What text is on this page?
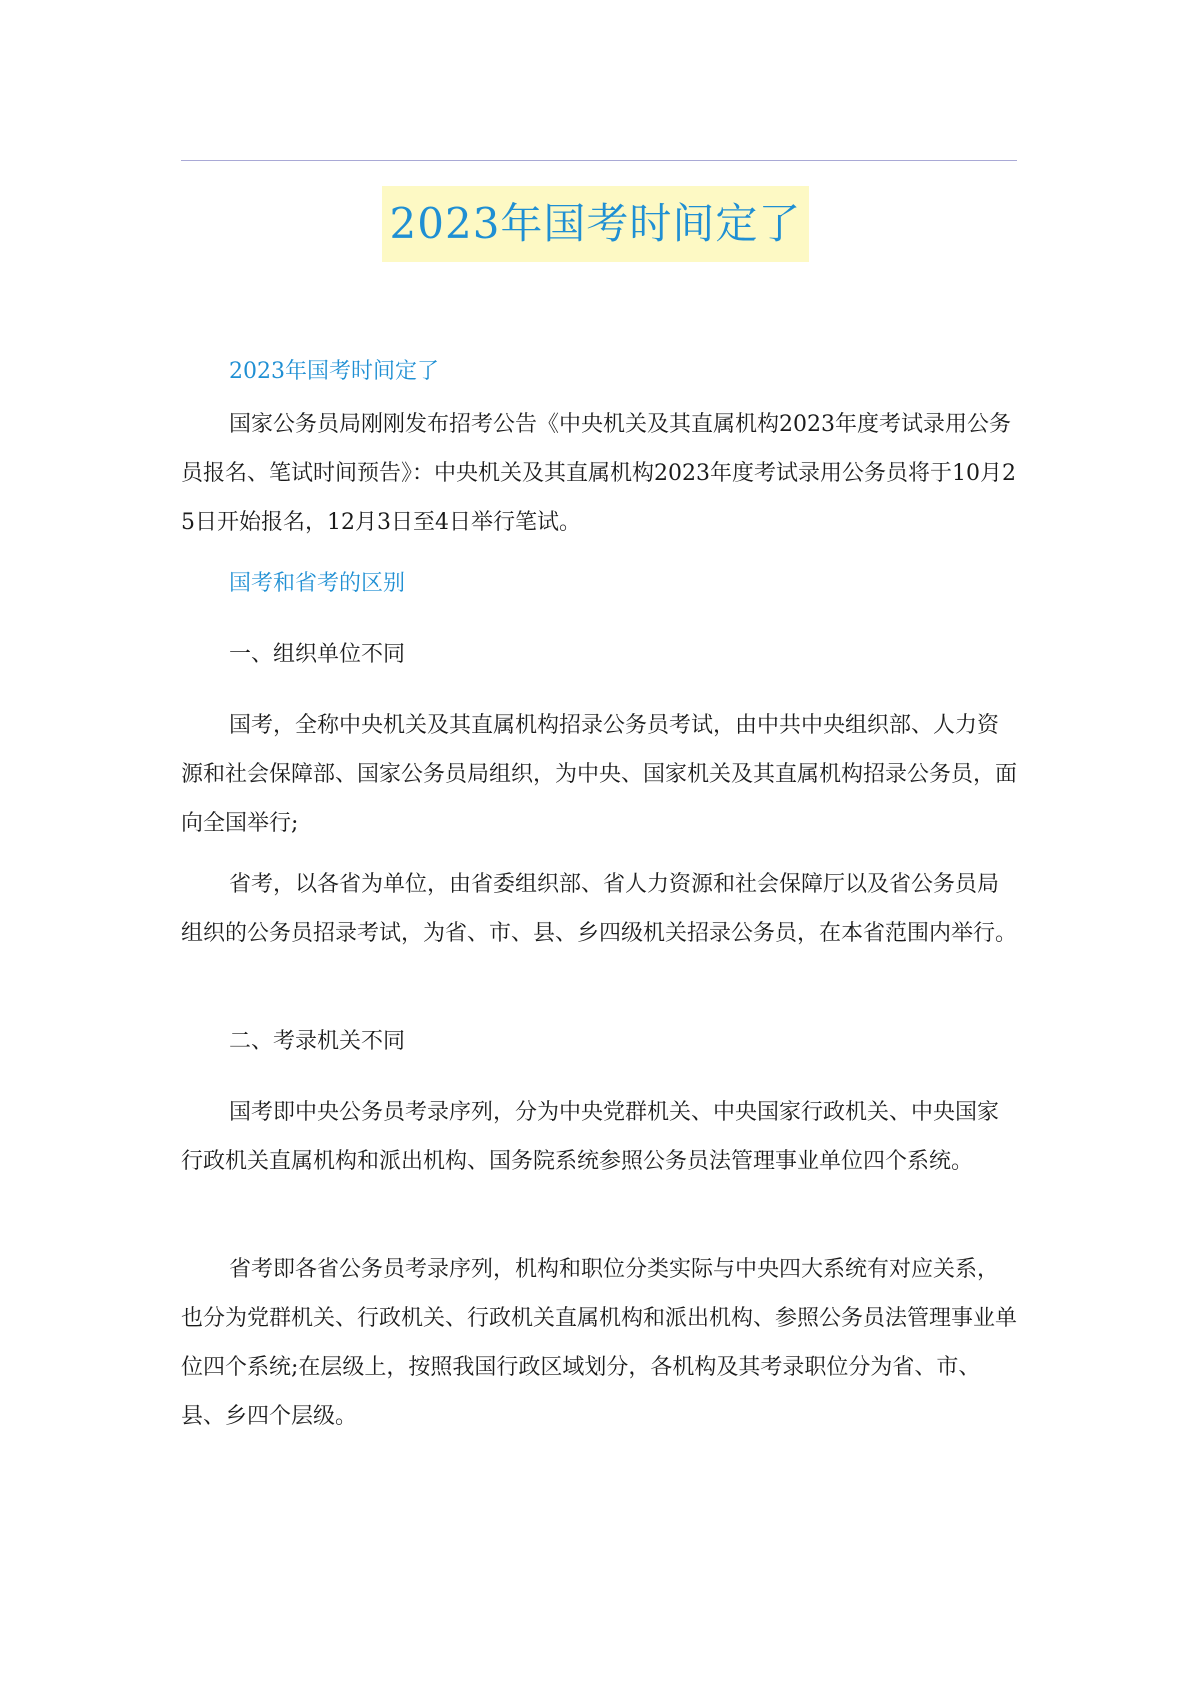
2023年国考时间定了

2023年国考时间定了

国家公务员局刚刚发布招考公告《中央机关及其直属机构2023年度考试录用公务员报名、笔试时间预告》：中央机关及其直属机构2023年度考试录用公务员将于10月25日开始报名，12月3日至4日举行笔试。

国考和省考的区别

一、组织单位不同

国考，全称中央机关及其直属机构招录公务员考试，由中共中央组织部、人力资源和社会保障部、国家公务员局组织，为中央、国家机关及其直属机构招录公务员，面向全国举行;

省考，以各省为单位，由省委组织部、省人力资源和社会保障厅以及省公务员局组织的公务员招录考试，为省、市、县、乡四级机关招录公务员，在本省范围内举行。

二、考录机关不同

国考即中央公务员考录序列，分为中央党群机关、中央国家行政机关、中央国家行政机关直属机构和派出机构、国务院系统参照公务员法管理事业单位四个系统。

省考即各省公务员考录序列，机构和职位分类实际与中央四大系统有对应关系，也分为党群机关、行政机关、行政机关直属机构和派出机构、参照公务员法管理事业单位四个系统;在层级上，按照我国行政区域划分，各机构及其考录职位分为省、市、县、乡四个层级。
